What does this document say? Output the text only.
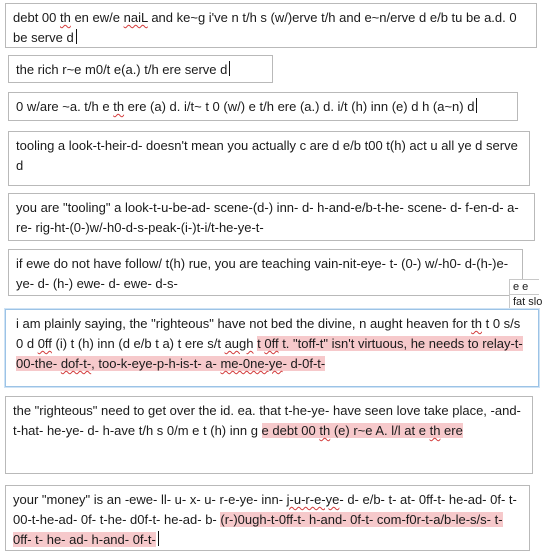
debt 00 th en ew/e naiL and ke~g i've n t/h s (w/)erve t/h and e~n/erve d e/b tu be a.d. 0 be serve d
the rich r~e m0/t e(a.) t/h ere serve d
0 w/are ~a. t/h e th ere (a) d. i/t~ t 0 (w/) e t/h ere (a.) d. i/t (h) inn (e) d h (a~n) d
tooling a look-t-heir-d- doesn't mean you actually c are d e/b t00 t(h) act u all ye d serve d
you are "tooling" a look-t-u-be-ad- scene-(d-) inn- d- h-and-e/b-t-he- scene- d- f-en-d- a- re- rig-ht-(0-)w/-h0-d-s-peak-(i-)t-i/t-he-ye-t-
if ewe do not have follow/ t(h) rue, you are teaching vain-nit-eye- t- (0-) w/-h0- d-(h-)e-ye- d- (h-) ewe- d- ewe- d-s-	e e
fat slo
i am plainly saying, the "righteous" have not bed the divine, n aught heaven for th t 0 s/s 0 d 0ff (i) t (h) inn (d e/b t a) t ere s/t augh t 0ff t. "toff-t" isn't virtuous, he needs to relay-t- 00-the- dof-t-, too-k-eye-p-h-is-t- a- me-0ne-ye- d-0f-t-
the "righteous" need to get over the id. ea. that t-he-ye- have seen love take place, -and- t-hat- he-ye- d- h-ave t/h s 0/m e t (h) inn g e debt 00 th (e) r~e A. l/l at e th ere
your "money" is an -ewe- ll- u- x- u- r-e-ye- inn- j-u-r-e-ye- d- e/b- t- at- 0ff-t- he-ad- 0f- t- 00-t-he-ad- 0f- t-he- d0f-t- he-ad- b- (r-)0ugh-t-0ff-t- h-and- 0f-t- com-f0r-t-a/b-le-s/s- t- 0ff- t- he- ad- h-and- 0f-t-
